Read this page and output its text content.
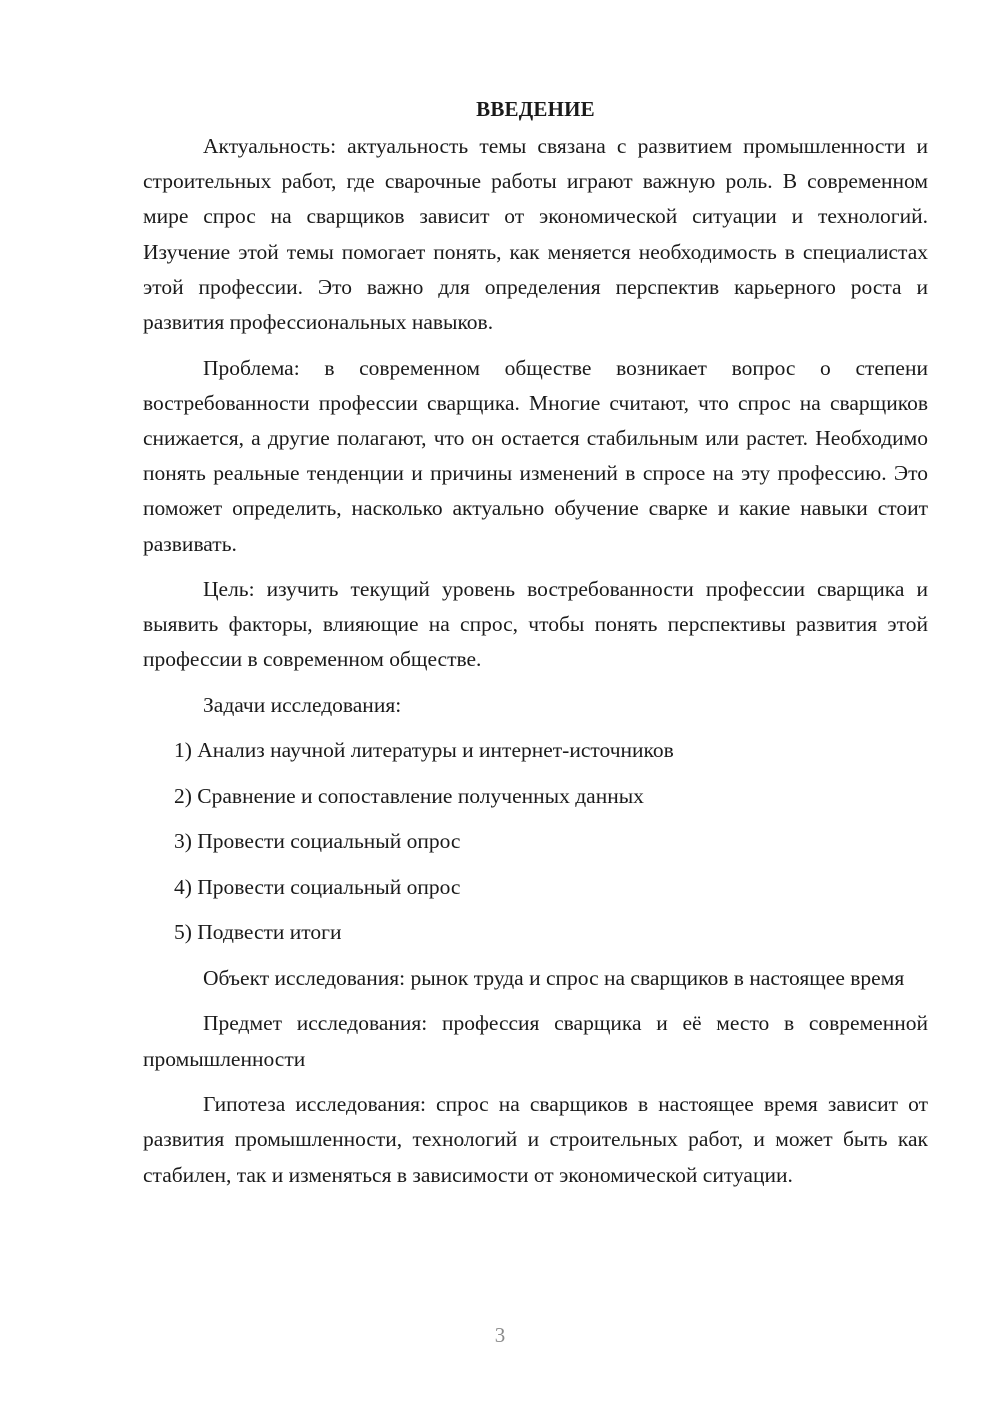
ВВЕДЕНИЕ

Актуальность: актуальность темы связана с развитием промышленности и строительных работ, где сварочные работы играют важную роль. В современном мире спрос на сварщиков зависит от экономической ситуации и технологий. Изучение этой темы помогает понять, как меняется необходимость в специалистах этой профессии. Это важно для определения перспектив карьерного роста и развития профессиональных навыков.

Проблема: в современном обществе возникает вопрос о степени востребованности профессии сварщика. Многие считают, что спрос на сварщиков снижается, а другие полагают, что он остается стабильным или растет. Необходимо понять реальные тенденции и причины изменений в спросе на эту профессию. Это поможет определить, насколько актуально обучение сварке и какие навыки стоит развивать.

Цель: изучить текущий уровень востребованности профессии сварщика и выявить факторы, влияющие на спрос, чтобы понять перспективы развития этой профессии в современном обществе.

Задачи исследования:

1) Анализ научной литературы и интернет-источников
2) Сравнение и сопоставление полученных данных
3) Провести социальный опрос
4) Провести социальный опрос
5) Подвести итоги

Объект исследования: рынок труда и спрос на сварщиков в настоящее время

Предмет исследования: профессия сварщика и её место в современной промышленности

Гипотеза исследования: спрос на сварщиков в настоящее время зависит от развития промышленности, технологий и строительных работ, и может быть как стабилен, так и изменяться в зависимости от экономической ситуации.

3
